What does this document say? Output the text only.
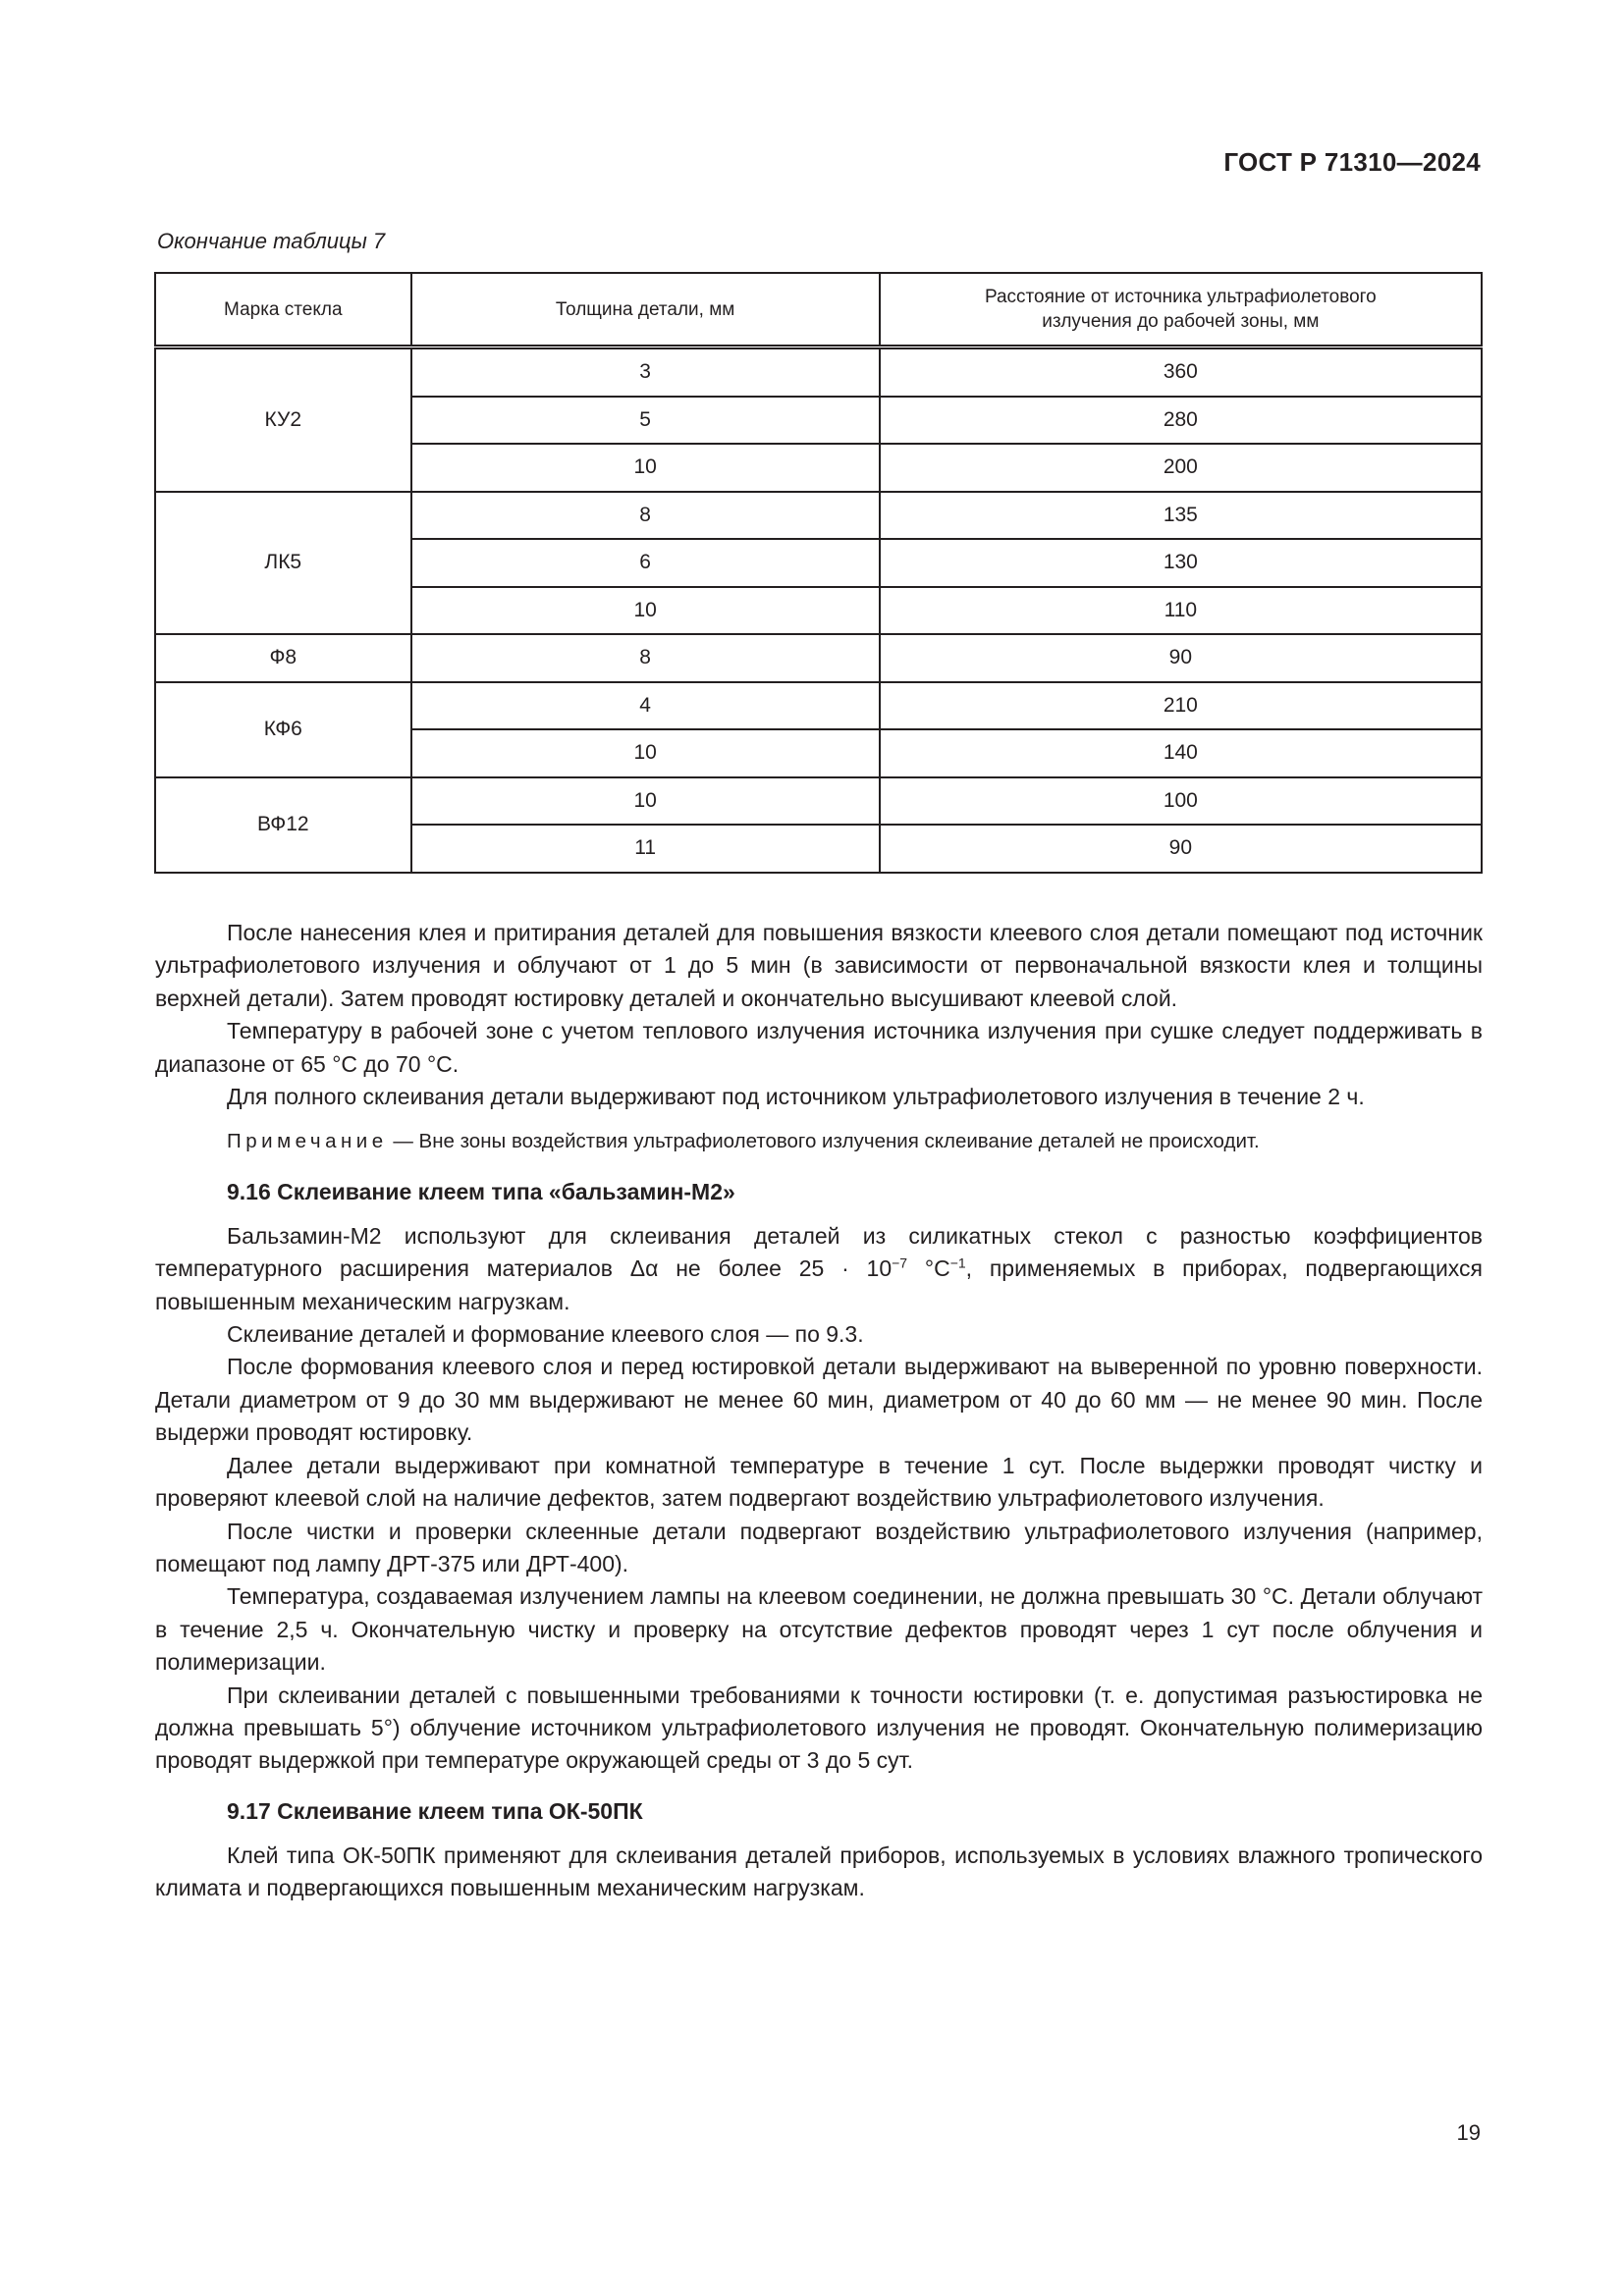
ГОСТ Р 71310—2024
Окончание таблицы 7
Марка стекла	Толщина детали, мм	Расстояние от источника ультрафиолетового излучения до рабочей зоны, мм
КУ2	3	360
	5	280
	10	200
ЛК5	8	135
	6	130
	10	110
Ф8	8	90
КФ6	4	210
	10	140
ВФ12	10	100
	11	90

После нанесения клея и притирания деталей для повышения вязкости клеевого слоя детали помещают под источник ультрафиолетового излучения и облучают от 1 до 5 мин (в зависимости от первоначальной вязкости клея и толщины верхней детали). Затем проводят юстировку деталей и окончательно высушивают клеевой слой.

Температуру в рабочей зоне с учетом теплового излучения источника излучения при сушке следует поддерживать в диапазоне от 65 °С до 70 °С.

Для полного склеивания детали выдерживают под источником ультрафиолетового излучения в течение 2 ч.

Примечание — Вне зоны воздействия ультрафиолетового излучения склеивание деталей не происходит.

9.16 Склеивание клеем типа «бальзамин-М2»

Бальзамин-М2 используют для склеивания деталей из силикатных стекол с разностью коэффициентов температурного расширения материалов Δα не более $25 \cdot 10^{-7}$ $^\circ С^{-1}$, применяемых в приборах, подвергающихся повышенным механическим нагрузкам.

Склеивание деталей и формование клеевого слоя — по 9.3.

После формования клеевого слоя и перед юстировкой детали выдерживают на выверенной по уровню поверхности. Детали диаметром от 9 до 30 мм выдерживают не менее 60 мин, диаметром от 40 до 60 мм — не менее 90 мин. После выдержи проводят юстировку.

Далее детали выдерживают при комнатной температуре в течение 1 сут. После выдержки проводят чистку и проверяют клеевой слой на наличие дефектов, затем подвергают воздействию ультрафиолетового излучения.

После чистки и проверки склеенные детали подвергают воздействию ультрафиолетового излучения (например, помещают под лампу ДРТ-375 или ДРТ-400).

Температура, создаваемая излучением лампы на клеевом соединении, не должна превышать 30 °С. Детали облучают в течение 2,5 ч. Окончательную чистку и проверку на отсутствие дефектов проводят через 1 сут после облучения и полимеризации.

При склеивании деталей с повышенными требованиями к точности юстировки (т. е. допустимая разъюстировка не должна превышать 5°) облучение источником ультрафиолетового излучения не проводят. Окончательную полимеризацию проводят выдержкой при температуре окружающей среды от 3 до 5 сут.

9.17 Склеивание клеем типа ОК-50ПК

Клей типа ОК-50ПК применяют для склеивания деталей приборов, используемых в условиях влажного тропического климата и подвергающихся повышенным механическим нагрузкам.

19
